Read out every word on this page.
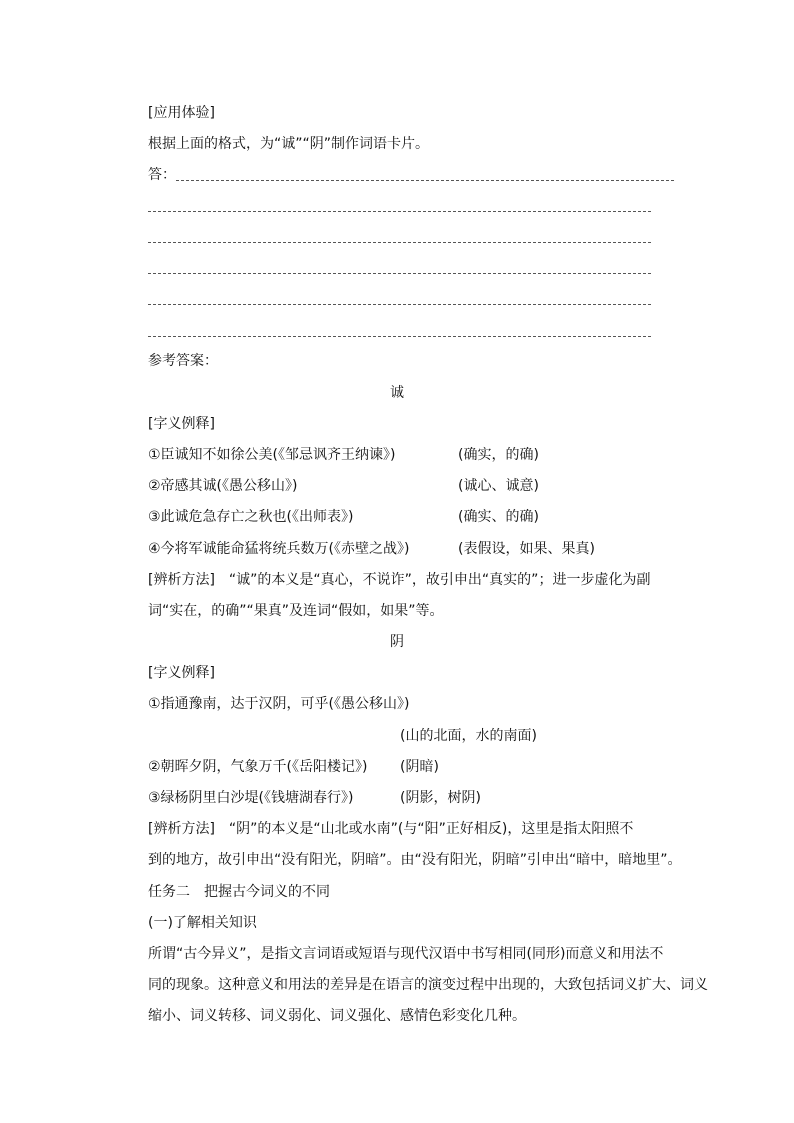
[应用体验]
根据上面的格式，为“诚”“阴”制作词语卡片。
答：
参考答案：
诚
[字义例释]
①臣诚知不如徐公美(《邹忌讽齐王纳谏》)	(确实，的确)
②帝感其诚(《愚公移山》)	(诚心、诚意)
③此诚危急存亡之秋也(《出师表》)	(确实、的确)
④今将军诚能命猛将统兵数万(《赤壁之战》)	(表假设，如果、果真)
[辨析方法]　“诚”的本义是“真心，不说诈”，故引申出“真实的”；进一步虚化为副
词“实在，的确”“果真”及连词“假如，如果”等。
阴
[字义例释]
①指通豫南，达于汉阴，可乎(《愚公移山》)
(山的北面，水的南面)
②朝晖夕阴，气象万千(《岳阳楼记》) (阴暗)
③绿杨阴里白沙堤(《钱塘湖春行》)	(阴影，树阴)
[辨析方法]　“阴”的本义是“山北或水南”(与“阳”正好相反)，这里是指太阳照不
到的地方，故引申出“没有阳光，阴暗”。由“没有阳光，阴暗”引申出“暗中，暗地里”。
任务二　把握古今词义的不同
(一)了解相关知识
所谓“古今异义”，是指文言词语或短语与现代汉语中书写相同(同形)而意义和用法不
同的现象。这种意义和用法的差异是在语言的演变过程中出现的，大致包括词义扩大、词义
缩小、词义转移、词义弱化、词义强化、感情色彩变化几种。
